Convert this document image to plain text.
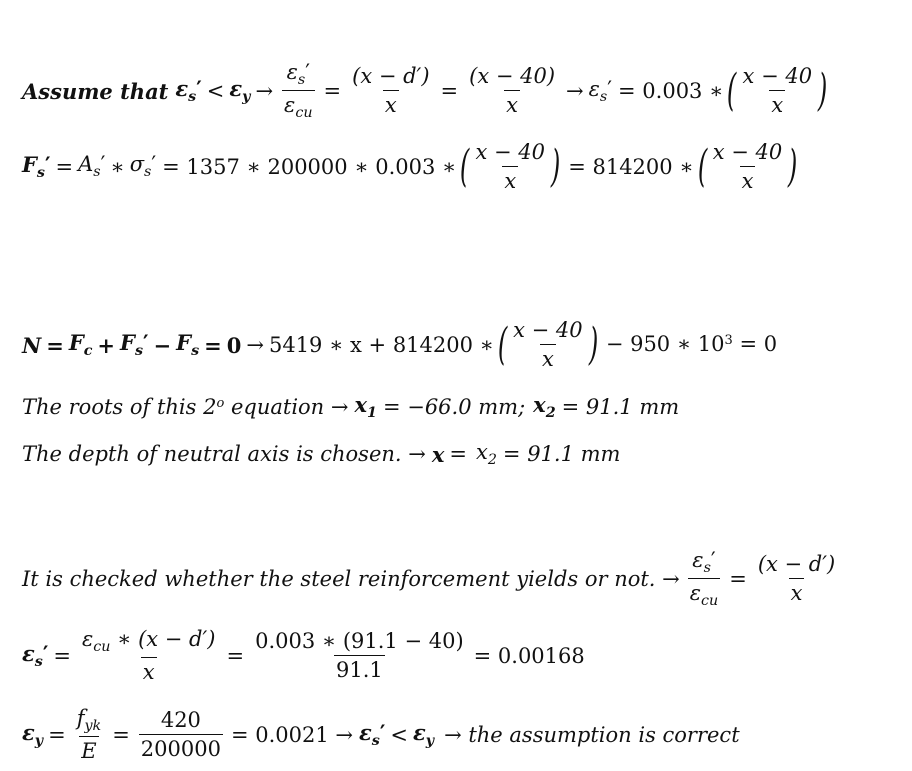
Assume that $\varepsilon_s' < \varepsilon_y \to \frac{\varepsilon_s'}{\varepsilon_{cu}} = \frac{(x - d')}{x} = \frac{(x - 40)}{x} \to \varepsilon_s' = 0.003$ ∗ ( $\frac{x - 40}{x}$ )
$F_s' = A_s'$ ∗ $\sigma_s' = 1357$ ∗ 200000 ∗ 0.003 ∗ ( $\frac{x - 40}{x}$ ) = 814200 ∗ ( $\frac{x - 40}{x}$ )
$N = F_c + F_s' - F_s = 0 \to 5419$ ∗ x + 814200 ∗ ( $\frac{x - 40}{x}$ ) − 950 ∗ $10^3 = 0$
The roots of this 2$^o$ equation → $x_1 = -66.0$ mm; $x_2 = 91.1$ mm
The depth of neutral axis is chosen. → $x = x_2 = 91.1$ mm
It is checked whether the steel reinforcement yields or not. → $\frac{\varepsilon_s'}{\varepsilon_{cu}} = \frac{(x - d')}{x}$
$\varepsilon_s' = \frac{\varepsilon_{cu} ∗ (x - d')}{x} = \frac{0.003 ∗ (91.1 - 40)}{91.1} = 0.00168$
$\varepsilon_y = \frac{f_{yk}}{E} = \frac{420}{200000} = 0.0021 \to \varepsilon_s' < \varepsilon_y$ → the assumption is correct
